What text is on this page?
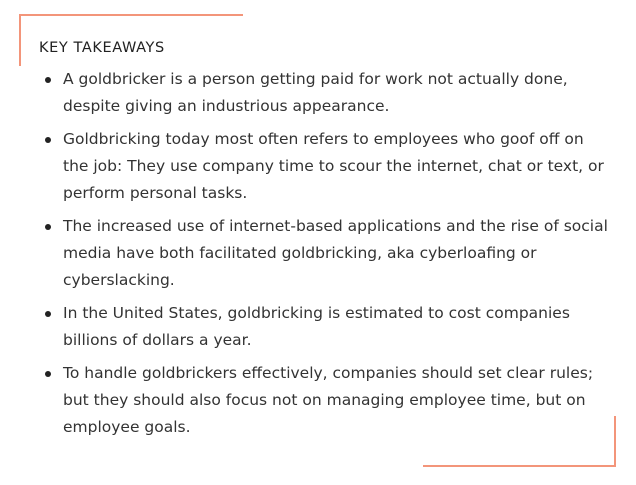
KEY TAKEAWAYS
A goldbricker is a person getting paid for work not actually done, despite giving an industrious appearance.
Goldbricking today most often refers to employees who goof off on the job: They use company time to scour the internet, chat or text, or perform personal tasks.
The increased use of internet-based applications and the rise of social media have both facilitated goldbricking, aka cyberloafing or cyberslacking.
In the United States, goldbricking is estimated to cost companies billions of dollars a year.
To handle goldbrickers effectively, companies should set clear rules; but they should also focus not on managing employee time, but on employee goals.
